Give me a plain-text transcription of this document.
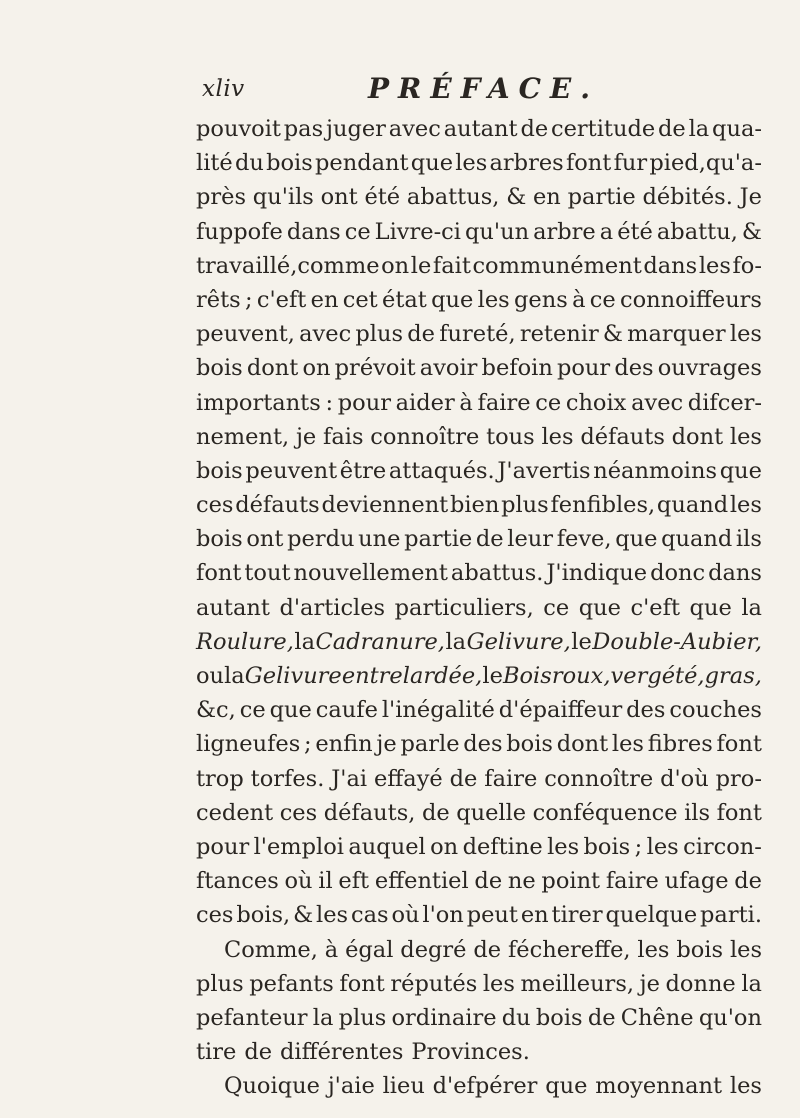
xliv	PRÉFACE.
pouvoit pas juger avec autant de certitude de la qua-
lité du bois pendant que les arbres font fur pied,qu'a-
près qu'ils ont été abattus, & en partie débités. Je
fuppofe dans ce Livre-ci qu'un arbre a été abattu, &
travaillé,comme on le fait communément dans les fo-
rêts ; c'eft en cet état que les gens à ce connoiffeurs
peuvent, avec plus de fureté, retenir & marquer les
bois dont on prévoit avoir befoin pour des ouvrages
importants : pour aider à faire ce choix avec difcer-
nement, je fais connoître tous les défauts dont les
bois peuvent être attaqués. J'avertis néanmoins que
ces défauts deviennent bien plus fenfibles, quand les
bois ont perdu une partie de leur feve, que quand ils
font tout nouvellement abattus. J'indique donc dans
autant d'articles particuliers, ce que c'eft que la
Roulure, la Cadranure, la Gelivure, le Double-Aubier,
ou la Gelivure entrelardée, le Bois roux, vergété, gras,
&c, ce que caufe l'inégalité d'épaiffeur des couches
ligneufes ; enfin je parle des bois dont les fibres font
trop torfes. J'ai effayé de faire connoître d'où pro-
cedent ces défauts, de quelle conféquence ils font
pour l'emploi auquel on deftine les bois ; les circon-
ftances où il eft effentiel de ne point faire ufage de
ces bois, & les cas où l'on peut en tirer quelque parti.
Comme, à égal degré de féchereffe, les bois les
plus pefants font réputés les meilleurs, je donne la
pefanteur la plus ordinaire du bois de Chêne qu'on
tire de différentes Provinces.
Quoique j'aie lieu d'efpérer que moyennant les
